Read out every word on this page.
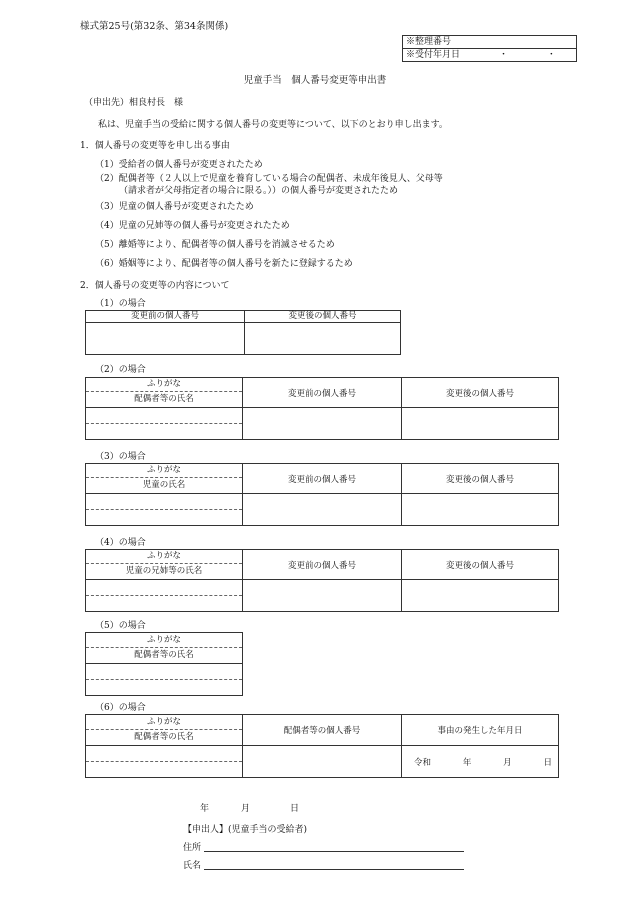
様式第25号(第32条、第34条関係)
※整理番号
※受付年月日	・ ・
児童手当　個人番号変更等申出書
（申出先）相良村長　様
私は、児童手当の受給に関する個人番号の変更等について、以下のとおり申し出ます。
1．個人番号の変更等を申し出る事由
（1）受給者の個人番号が変更されたため
（2）配偶者等（２人以上で児童を養育している場合の配偶者、未成年後見人、父母等
（請求者が父母指定者の場合に限る。））の個人番号が変更されたため
（3）児童の個人番号が変更されたため
（4）児童の兄姉等の個人番号が変更されたため
（5）離婚等により、配偶者等の個人番号を消滅させるため
（6）婚姻等により、配偶者等の個人番号を新たに登録するため
2．個人番号の変更等の内容について
（1）の場合
変更前の個人番号	変更後の個人番号

（2）の場合
ふりがな
配偶者等の氏名	変更前の個人番号	変更後の個人番号

（3）の場合
ふりがな
児童の氏名	変更前の個人番号	変更後の個人番号

（4）の場合
ふりがな
児童の兄姉等の氏名	変更前の個人番号	変更後の個人番号

（5）の場合
ふりがな
配偶者等の氏名

（6）の場合
ふりがな
配偶者等の氏名	配偶者等の個人番号	事由の発生した年月日

		令和 年 月 日
年	月	日
【申出人】(児童手当の受給者)
住所
氏名
